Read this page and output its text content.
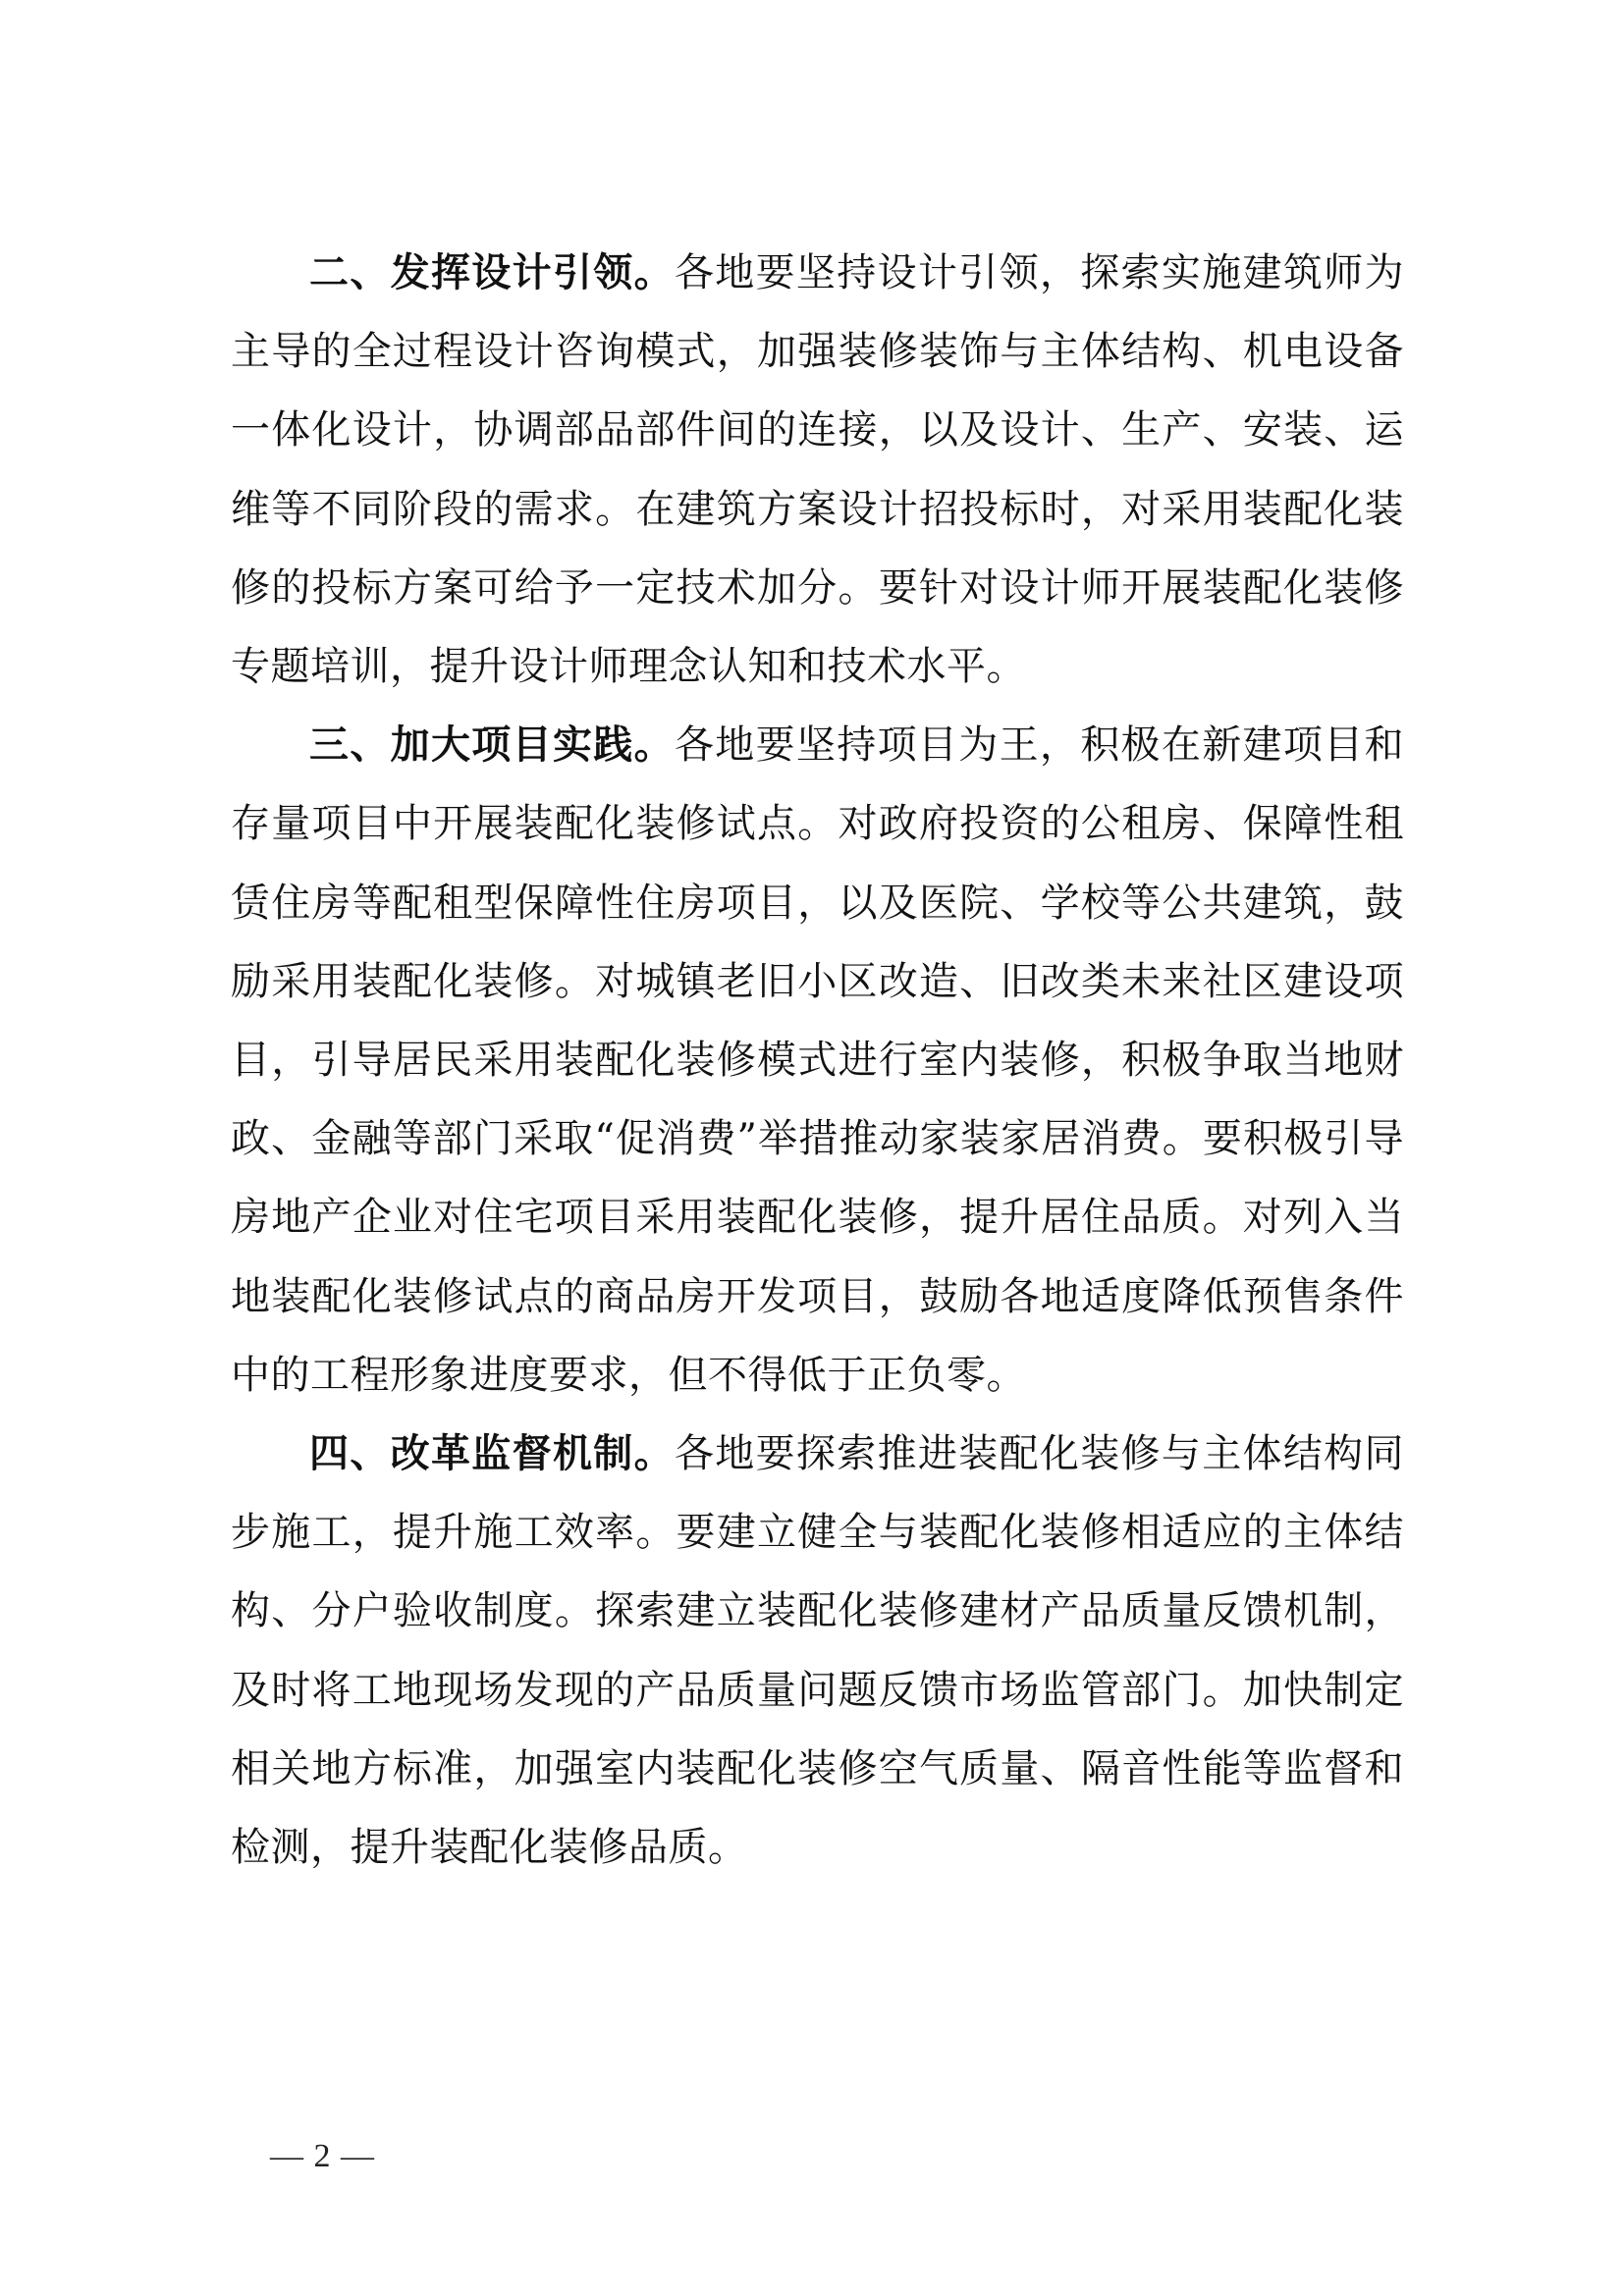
二、发挥设计引领。各地要坚持设计引领，探索实施建筑师为主导的全过程设计咨询模式，加强装修装饰与主体结构、机电设备一体化设计，协调部品部件间的连接，以及设计、生产、安装、运维等不同阶段的需求。在建筑方案设计招投标时，对采用装配化装修的投标方案可给予一定技术加分。要针对设计师开展装配化装修专题培训，提升设计师理念认知和技术水平。

三、加大项目实践。各地要坚持项目为王，积极在新建项目和存量项目中开展装配化装修试点。对政府投资的公租房、保障性租赁住房等配租型保障性住房项目，以及医院、学校等公共建筑，鼓励采用装配化装修。对城镇老旧小区改造、旧改类未来社区建设项目，引导居民采用装配化装修模式进行室内装修，积极争取当地财政、金融等部门采取“促消费”举措推动家装家居消费。要积极引导房地产企业对住宅项目采用装配化装修，提升居住品质。对列入当地装配化装修试点的商品房开发项目，鼓励各地适度降低预售条件中的工程形象进度要求，但不得低于正负零。

四、改革监督机制。各地要探索推进装配化装修与主体结构同步施工，提升施工效率。要建立健全与装配化装修相适应的主体结构、分户验收制度。探索建立装配化装修建材产品质量反馈机制，及时将工地现场发现的产品质量问题反馈市场监管部门。加快制定相关地方标准，加强室内装配化装修空气质量、隔音性能等监督和检测，提升装配化装修品质。

— 2 —
